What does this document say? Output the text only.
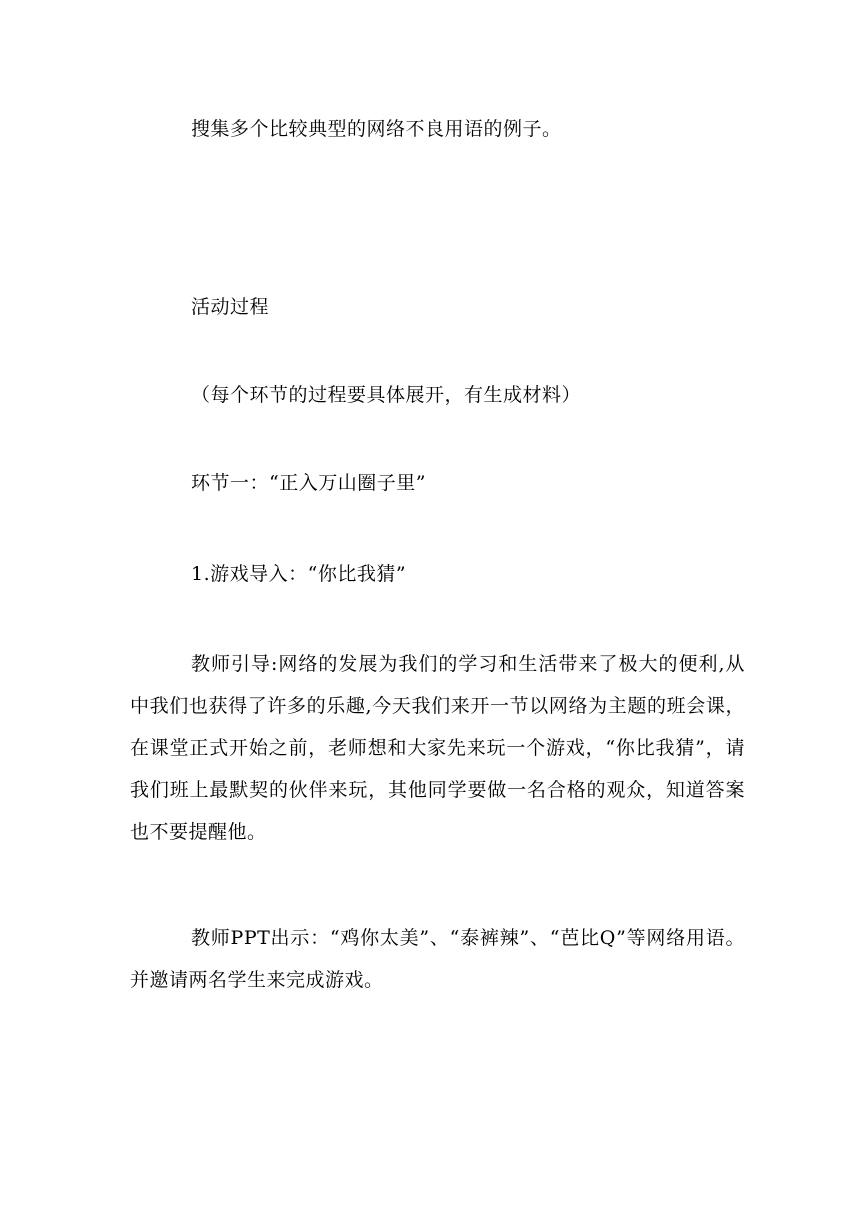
搜集多个比较典型的网络不良用语的例子。

活动过程

（每个环节的过程要具体展开，有生成材料）

环节一：“正入万山圈子里”

1.游戏导入：“你比我猜”

教师引导:网络的发展为我们的学习和生活带来了极大的便利,从中我们也获得了许多的乐趣,今天我们来开一节以网络为主题的班会课，在课堂正式开始之前，老师想和大家先来玩一个游戏，“你比我猜”，请我们班上最默契的伙伴来玩，其他同学要做一名合格的观众，知道答案也不要提醒他。

教师PPT出示：“鸡你太美”、“泰裤辣”、“芭比Q”等网络用语。并邀请两名学生来完成游戏。
